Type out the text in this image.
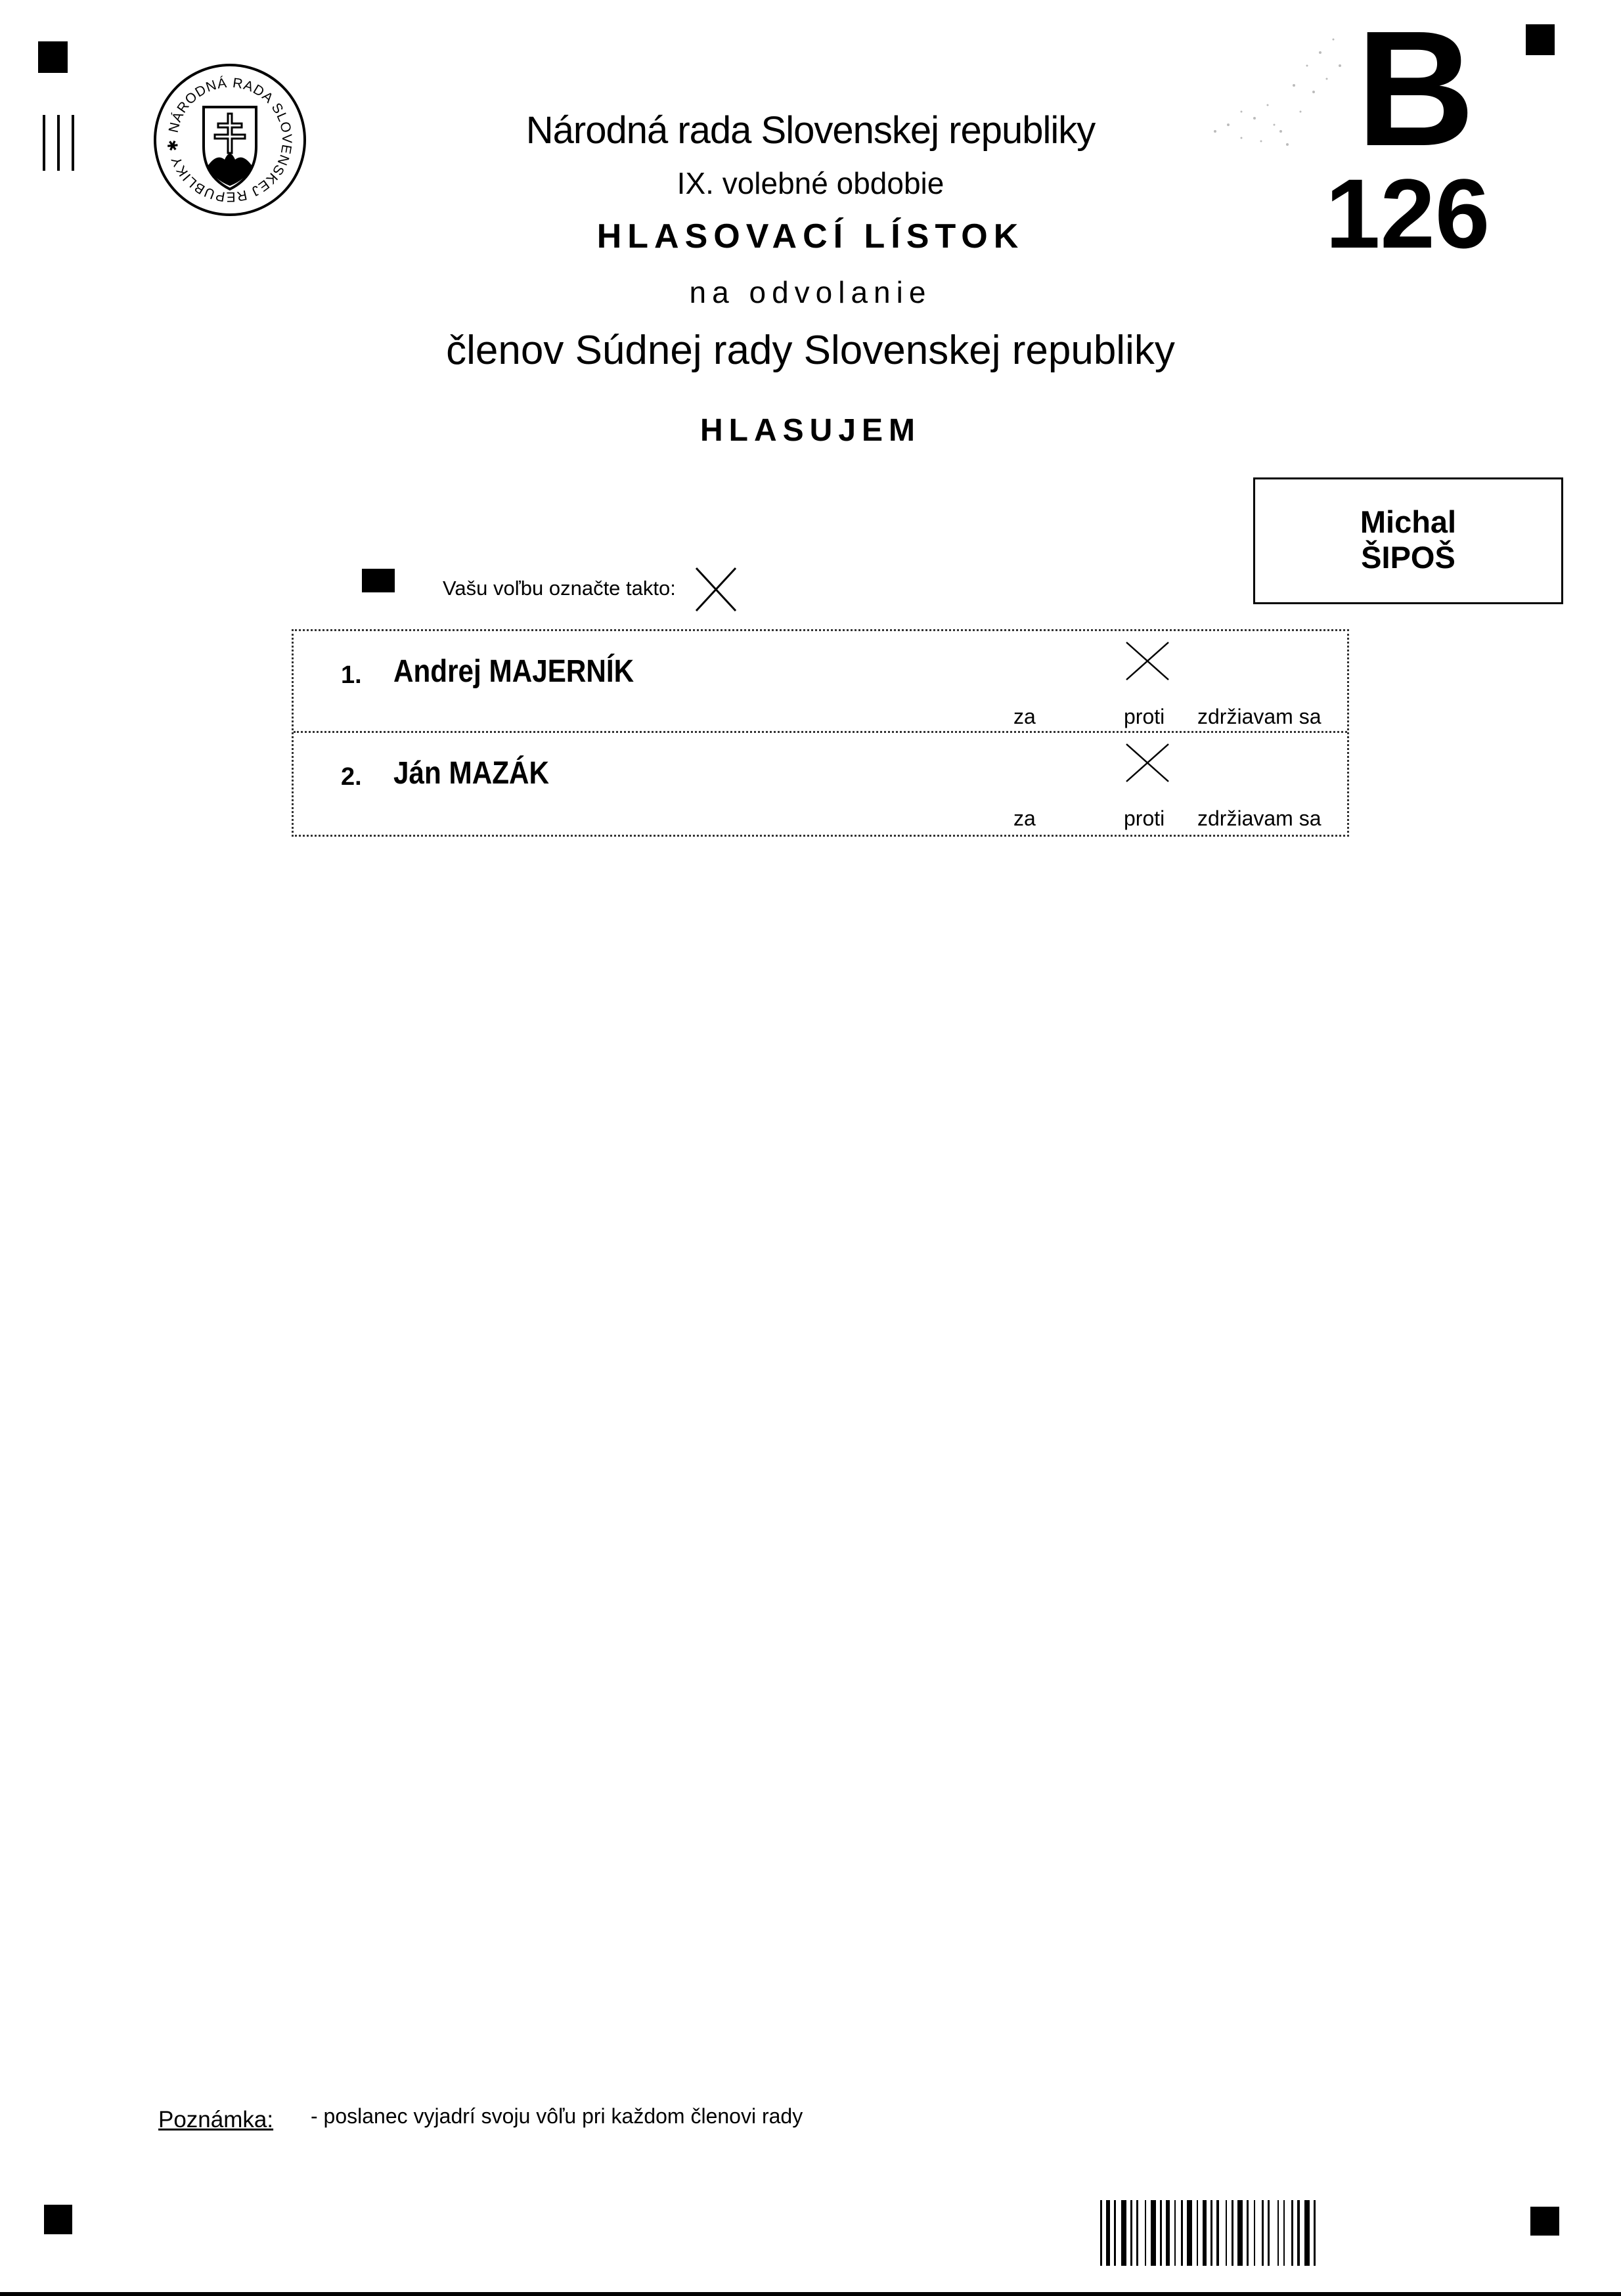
NÁRODNÁ RADA SLOVENSKEJ REPUBLIKY ✱	Národná rada Slovenskej republiky
IX. volebné obdobie
HLASOVACÍ LÍSTOK
na odvolanie
členov Súdnej rady Slovenskej republiky
HLASUJEM
B
126
Michal
ŠIPOŠ
Vašu voľbu označte takto:
1. Andrej MAJERNÍK
za	proti zdržiavam sa
2. Ján MAZÁK
za	proti zdržiavam sa
Poznámka: - poslanec vyjadrí svoju vôľu pri každom členovi rady
